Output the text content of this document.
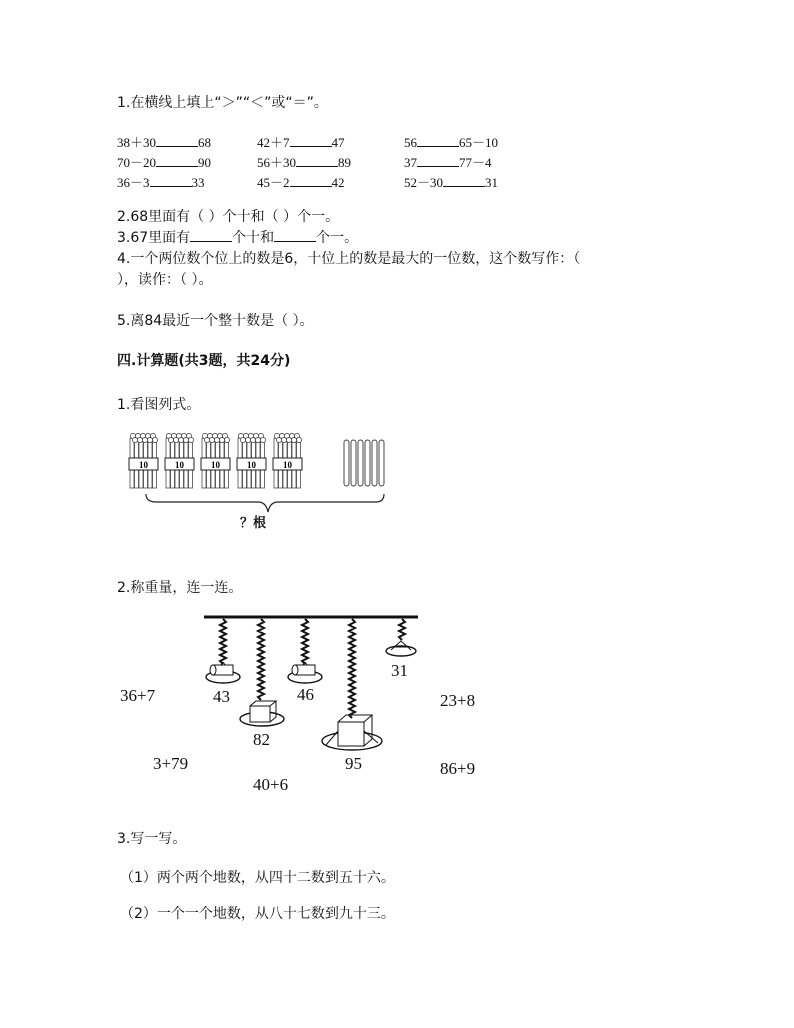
1.在横线上填上“＞”“＜”或“＝”。
38＋30	68	42＋7	47	56	65－10
70－20	90	56＋30	89	37	77－4
36－3	33	45－2	42	52－30	31
2.68里面有（ ）个十和（ ）个一。
3.67里面有	个十和	个一。
4.一个两位数个位上的数是6，十位上的数是最大的一位数，这个数写作：（
），读作：（ ）。
5.离84最近一个整十数是（ ）。
四.计算题(共3题，共24分)
1.看图列式。
10	10	10	10	10
？根
2.称重量，连一连。
43
82
46
95
31
36+7
3+79
40+6
23+8
86+9
3.写一写。
（1）两个两个地数，从四十二数到五十六。
（2）一个一个地数，从八十七数到九十三。
